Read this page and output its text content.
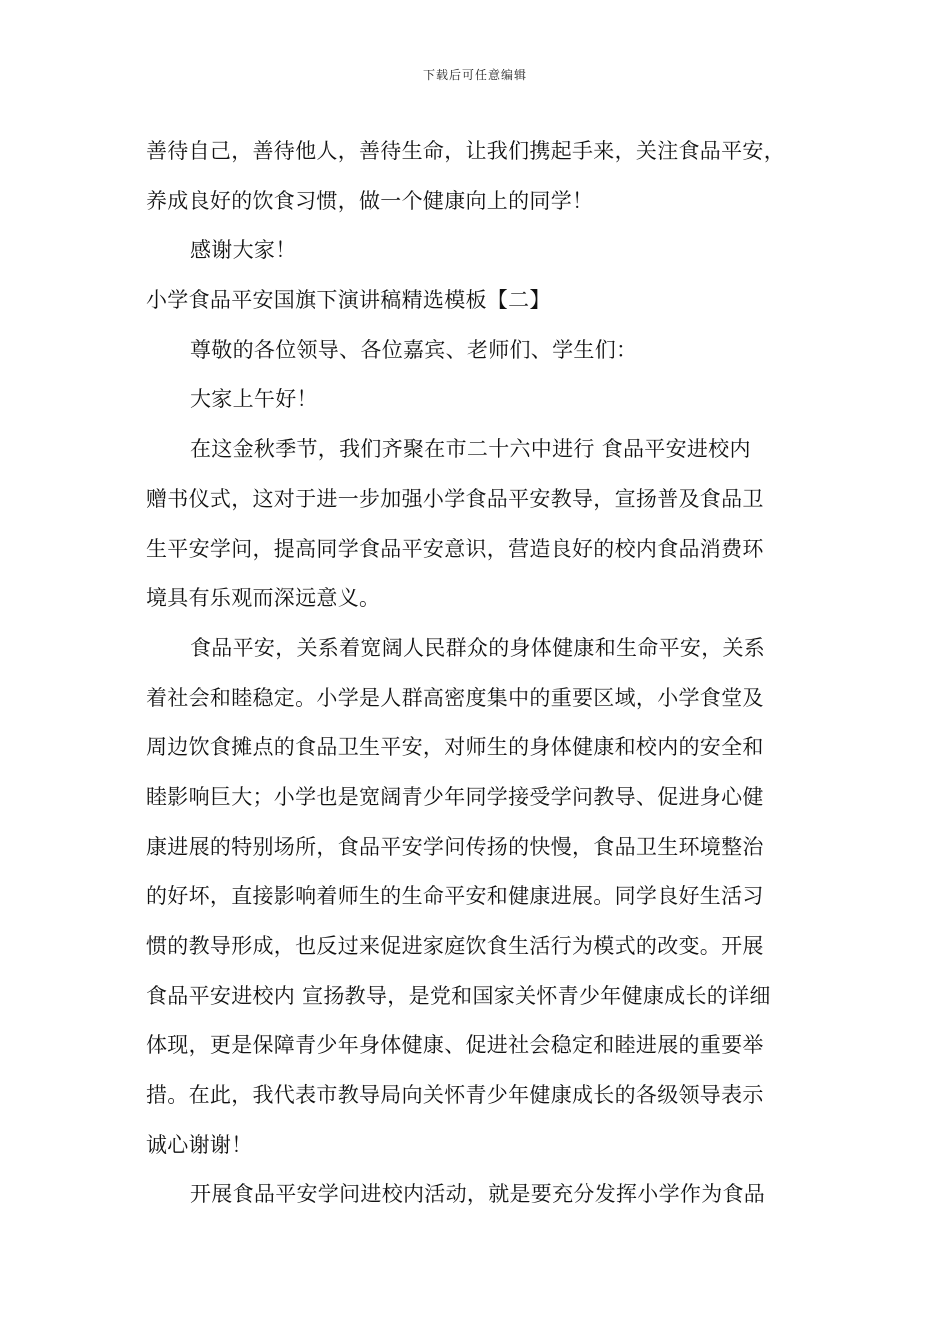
下载后可任意编辑
善待自己，善待他人，善待生命，让我们携起手来，关注食品平安，
养成良好的饮食习惯，做一个健康向上的同学！
感谢大家！
小学食品平安国旗下演讲稿精选模板【二】
尊敬的各位领导、各位嘉宾、老师们、学生们：
大家上午好！
在这金秋季节，我们齐聚在市二十六中进行 食品平安进校内
赠书仪式，这对于进一步加强小学食品平安教导，宣扬普及食品卫
生平安学问，提高同学食品平安意识，营造良好的校内食品消费环
境具有乐观而深远意义。
食品平安，关系着宽阔人民群众的身体健康和生命平安，关系
着社会和睦稳定。小学是人群高密度集中的重要区域，小学食堂及
周边饮食摊点的食品卫生平安，对师生的身体健康和校内的安全和
睦影响巨大；小学也是宽阔青少年同学接受学问教导、促进身心健
康进展的特别场所，食品平安学问传扬的快慢，食品卫生环境整治
的好坏，直接影响着师生的生命平安和健康进展。同学良好生活习
惯的教导形成，也反过来促进家庭饮食生活行为模式的改变。开展
食品平安进校内 宣扬教导，是党和国家关怀青少年健康成长的详细
体现，更是保障青少年身体健康、促进社会稳定和睦进展的重要举
措。在此，我代表市教导局向关怀青少年健康成长的各级领导表示
诚心谢谢！
开展食品平安学问进校内活动，就是要充分发挥小学作为食品
